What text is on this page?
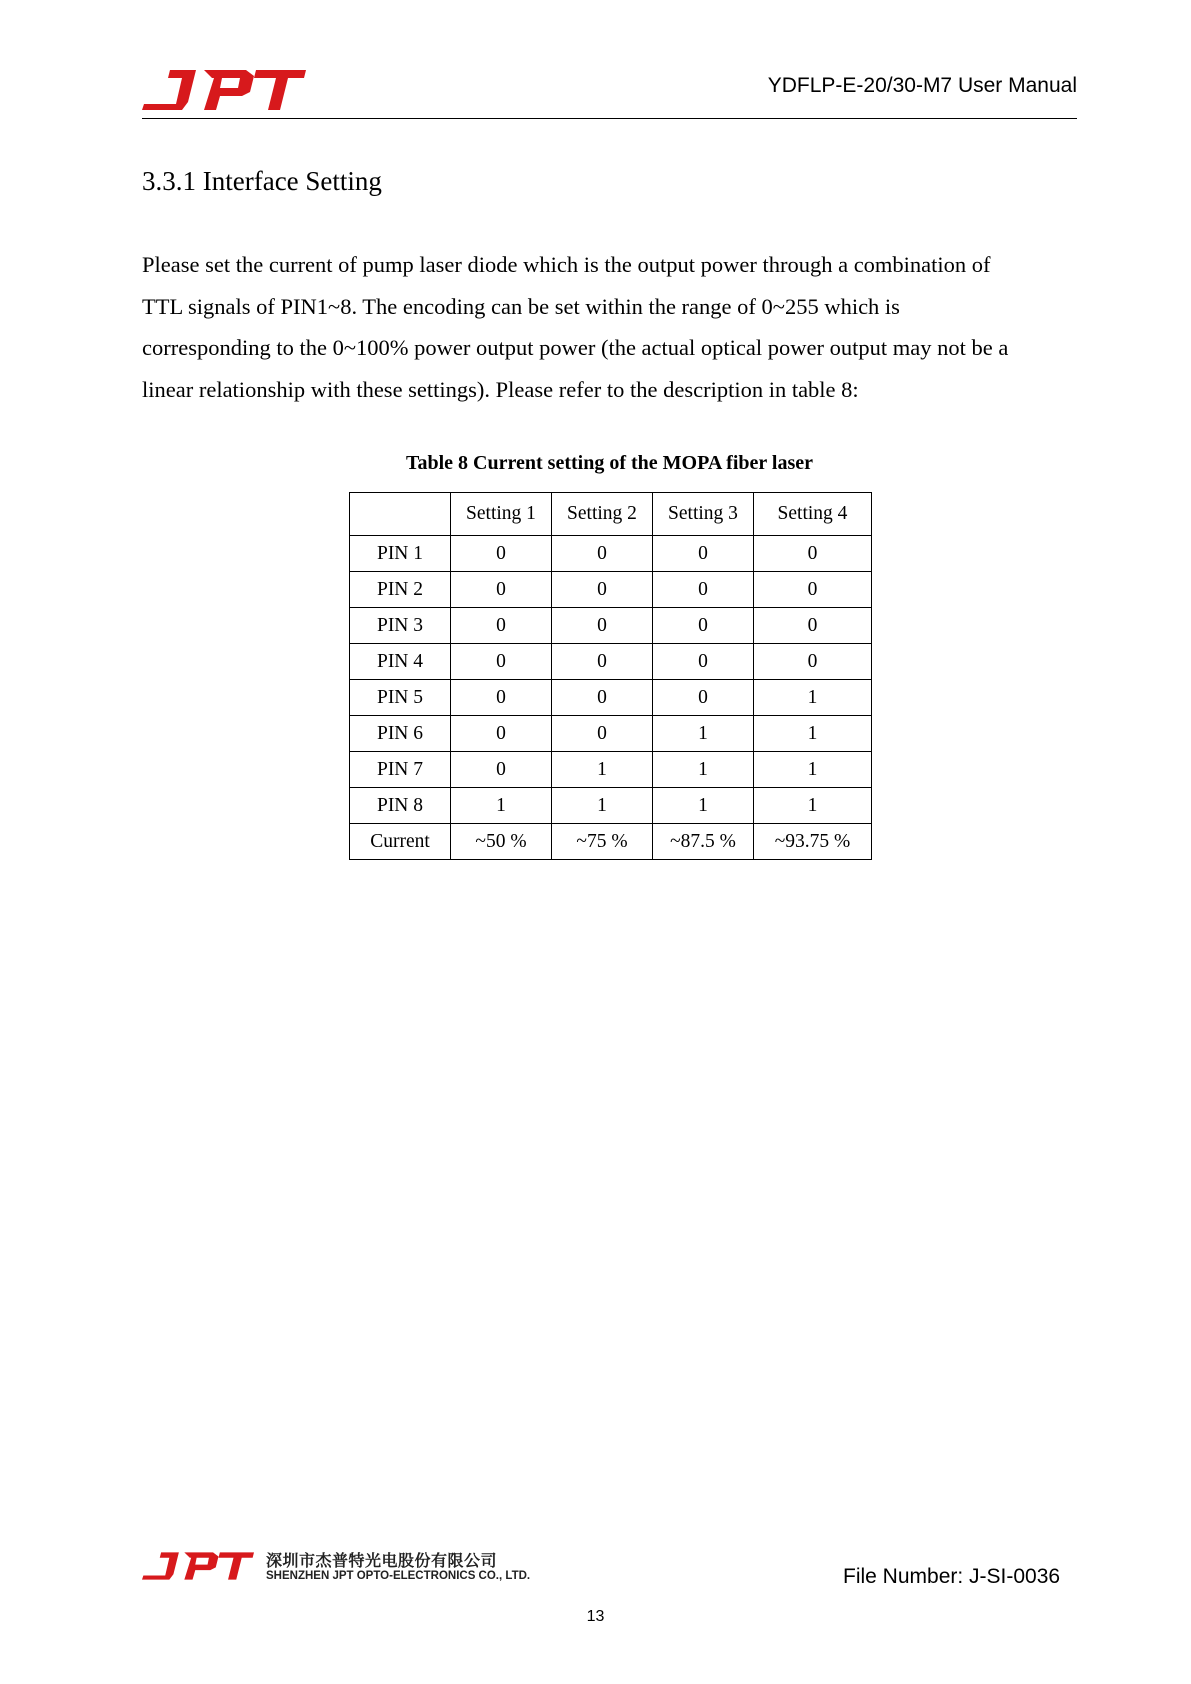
YDFLP-E-20/30-M7 User Manual
3.3.1 Interface Setting
Please set the current of pump laser diode which is the output power through a combination of
TTL signals of PIN1~8. The encoding can be set within the range of 0~255 which is
corresponding to the 0~100% power output power (the actual optical power output may not be a
linear relationship with these settings). Please refer to the description in table 8:
Table 8 Current setting of the MOPA fiber laser
	Setting 1	Setting 2	Setting 3	Setting 4
PIN 1	0	0	0	0
PIN 2	0	0	0	0
PIN 3	0	0	0	0
PIN 4	0	0	0	0
PIN 5	0	0	0	1
PIN 6	0	0	1	1
PIN 7	0	1	1	1
PIN 8	1	1	1	1
Current	~50 %	~75 %	~87.5 %	~93.75 %
深圳市杰普特光电股份有限公司
SHENZHEN JPT OPTO-ELECTRONICS CO., LTD.	File Number: J-SI-0036
13
